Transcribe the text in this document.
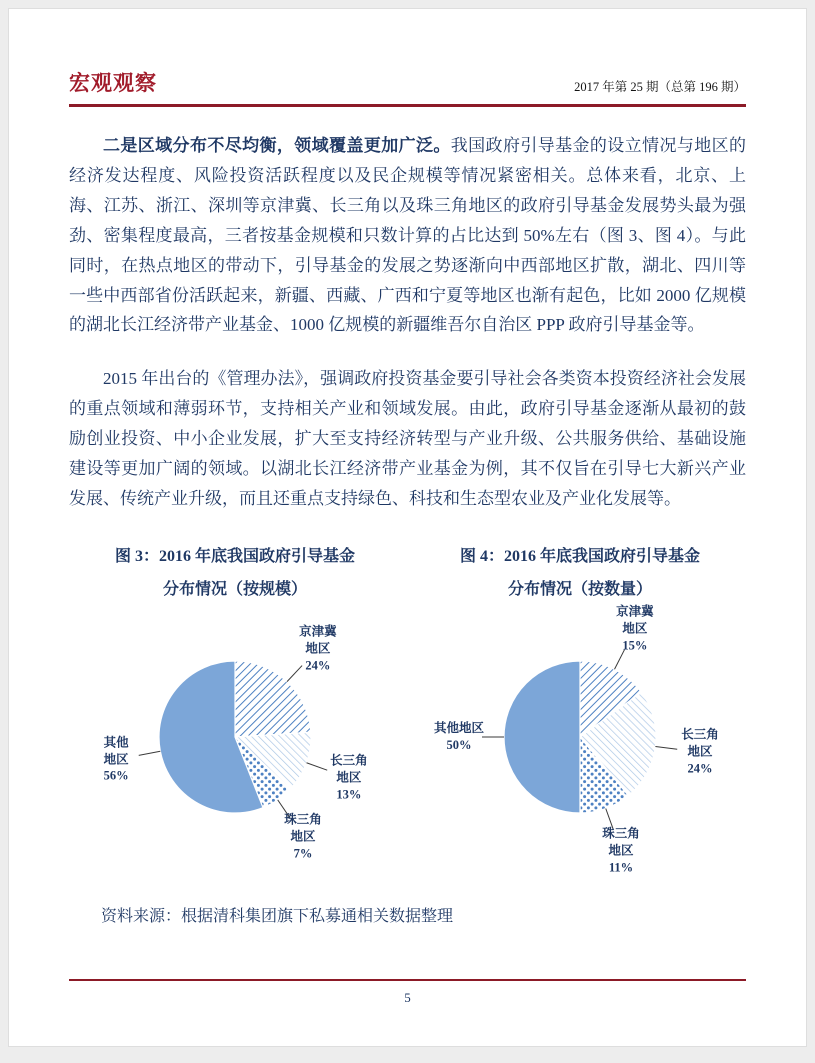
宏观观察	2017 年第 25 期（总第 196 期）

二是区域分布不尽均衡，领域覆盖更加广泛。我国政府引导基金的设立情况与地区的经济发达程度、风险投资活跃程度以及民企规模等情况紧密相关。总体来看，北京、上海、江苏、浙江、深圳等京津冀、长三角以及珠三角地区的政府引导基金发展势头最为强劲、密集程度最高，三者按基金规模和只数计算的占比达到 50%左右（图 3、图 4）。与此同时，在热点地区的带动下，引导基金的发展之势逐渐向中西部地区扩散，湖北、四川等一些中西部省份活跃起来，新疆、西藏、广西和宁夏等地区也渐有起色，比如 2000 亿规模的湖北长江经济带产业基金、1000 亿规模的新疆维吾尔自治区 PPP 政府引导基金等。

2015 年出台的《管理办法》，强调政府投资基金要引导社会各类资本投资经济社会发展的重点领域和薄弱环节，支持相关产业和领域发展。由此，政府引导基金逐渐从最初的鼓励创业投资、中小企业发展，扩大至支持经济转型与产业升级、公共服务供给、基础设施建设等更加广阔的领域。以湖北长江经济带产业基金为例，其不仅旨在引导七大新兴产业发展、传统产业升级，而且还重点支持绿色、科技和生态型农业及产业化发展等。

图 3：2016 年底我国政府引导基金
分布情况（按规模）
京津冀
地区
24%
长三角
地区
13%
珠三角
地区
7%
其他
地区
56%
图 4：2016 年底我国政府引导基金
分布情况（按数量）
京津冀
地区
15%
长三角
地区
24%
珠三角
地区
11%
其他地区
50%

资料来源：根据清科集团旗下私募通相关数据整理

5
